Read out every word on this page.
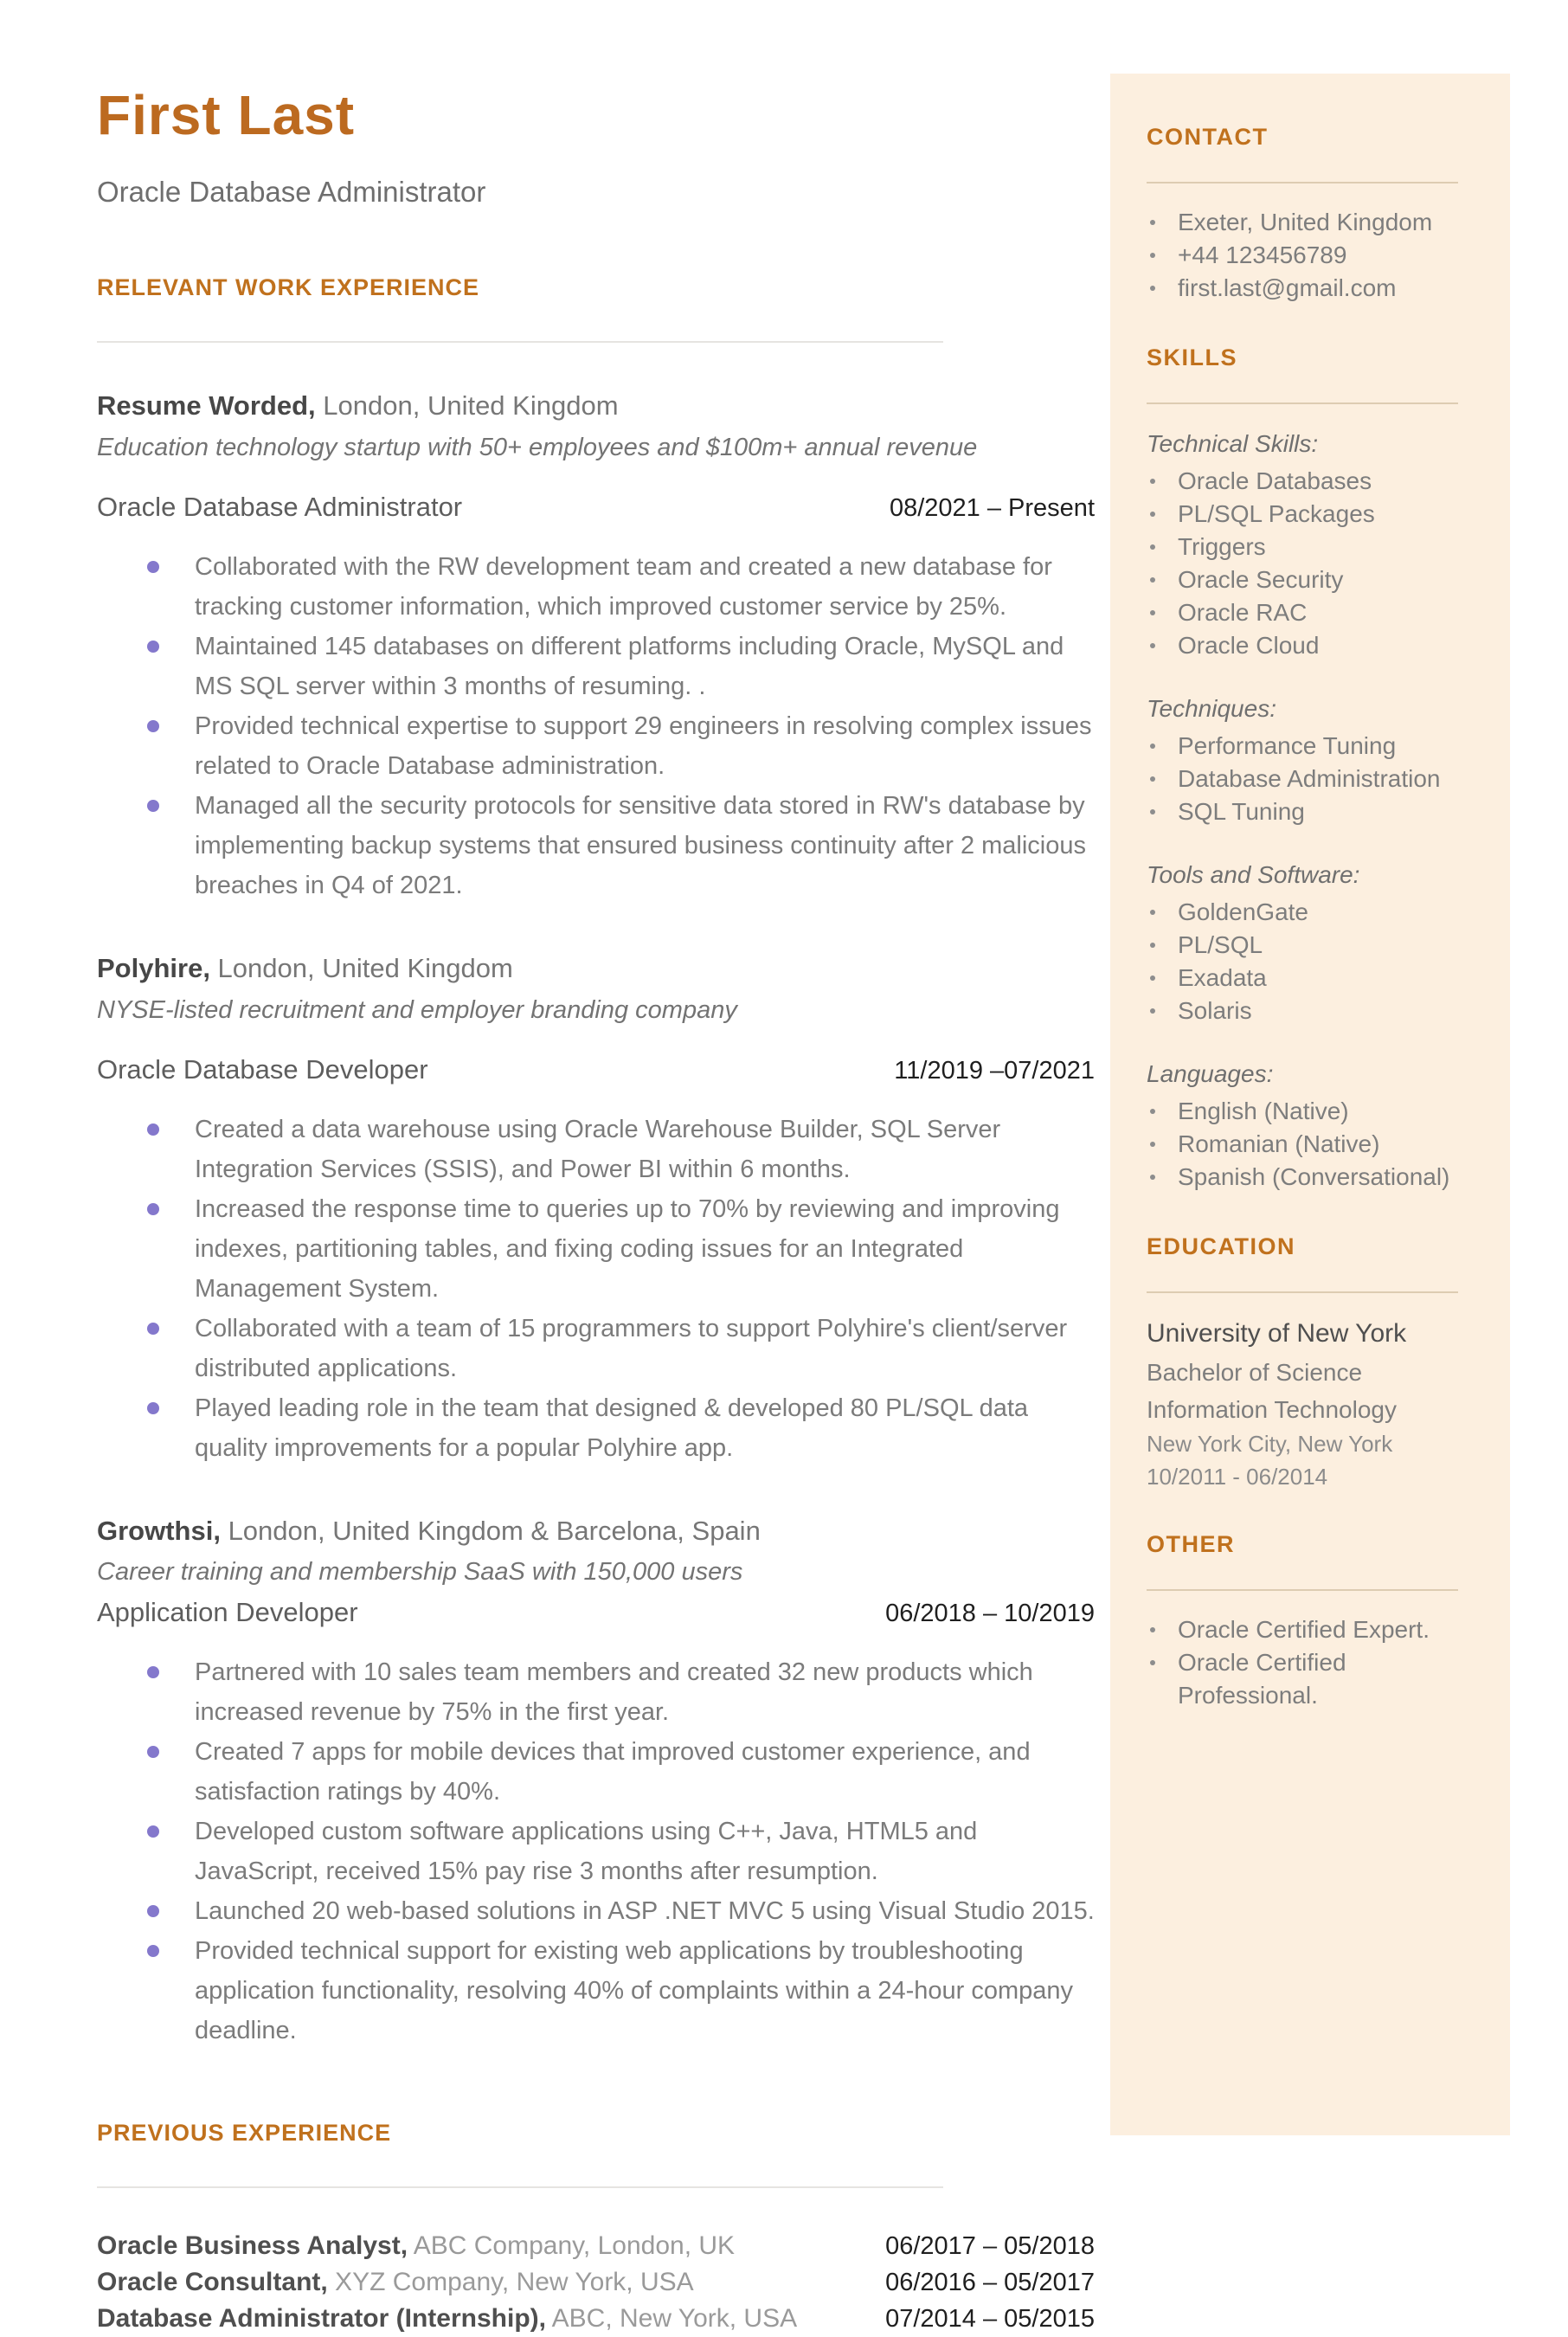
First Last

Oracle Database Administrator

RELEVANT WORK EXPERIENCE

Resume Worded, London, United Kingdom

Education technology startup with 50+ employees and $100m+ annual revenue

Oracle Database Administrator	08/2021 – Present
Collaborated with the RW development team and created a new database for tracking customer information, which improved customer service by 25%.
Maintained 145 databases on different platforms including Oracle, MySQL and MS SQL server within 3 months of resuming. .
Provided technical expertise to support 29 engineers in resolving complex issues related to Oracle Database administration.
Managed all the security protocols for sensitive data stored in RW's database by implementing backup systems that ensured business continuity after 2 malicious breaches in Q4 of 2021.

Polyhire, London, United Kingdom

NYSE-listed recruitment and employer branding company

Oracle Database Developer	11/2019 –07/2021
Created a data warehouse using Oracle Warehouse Builder, SQL Server Integration Services (SSIS), and Power BI within 6 months.
Increased the response time to queries up to 70% by reviewing and improving indexes, partitioning tables, and fixing coding issues for an Integrated Management System.
Collaborated with a team of 15 programmers to support Polyhire's client/server distributed applications.
Played leading role in the team that designed & developed 80 PL/SQL data quality improvements for a popular Polyhire app.

Growthsi, London, United Kingdom & Barcelona, Spain

Career training and membership SaaS with 150,000 users

Application Developer	06/2018 – 10/2019
Partnered with 10 sales team members and created 32 new products which increased revenue by 75% in the first year.
Created 7 apps for mobile devices that improved customer experience, and satisfaction ratings by 40%.
Developed custom software applications using C++, Java, HTML5 and JavaScript, received 15% pay rise 3 months after resumption.
Launched 20 web-based solutions in ASP .NET MVC 5 using Visual Studio 2015.
Provided technical support for existing web applications by troubleshooting application functionality, resolving 40% of complaints within a 24-hour company deadline.
PREVIOUS EXPERIENCE

Oracle Business Analyst, ABC Company, London, UK	06/2017 – 05/2018

Oracle Consultant, XYZ Company, New York, USA	06/2016 – 05/2017

Database Administrator (Internship), ABC, New York, USA	07/2014 – 05/2015
CONTACT
Exeter, United Kingdom
+44 123456789
first.last@gmail.com
SKILLS

Technical Skills:

Oracle Databases
PL/SQL Packages
Triggers
Oracle Security
Oracle RAC
Oracle Cloud

Techniques:

Performance Tuning
Database Administration
SQL Tuning

Tools and Software:

GoldenGate
PL/SQL
Exadata
Solaris

Languages:

English (Native)
Romanian (Native)
Spanish (Conversational)
EDUCATION

University of New York

Bachelor of Science

Information Technology

New York City, New York

10/2011 - 06/2014

OTHER
Oracle Certified Expert.
Oracle Certified Professional.
